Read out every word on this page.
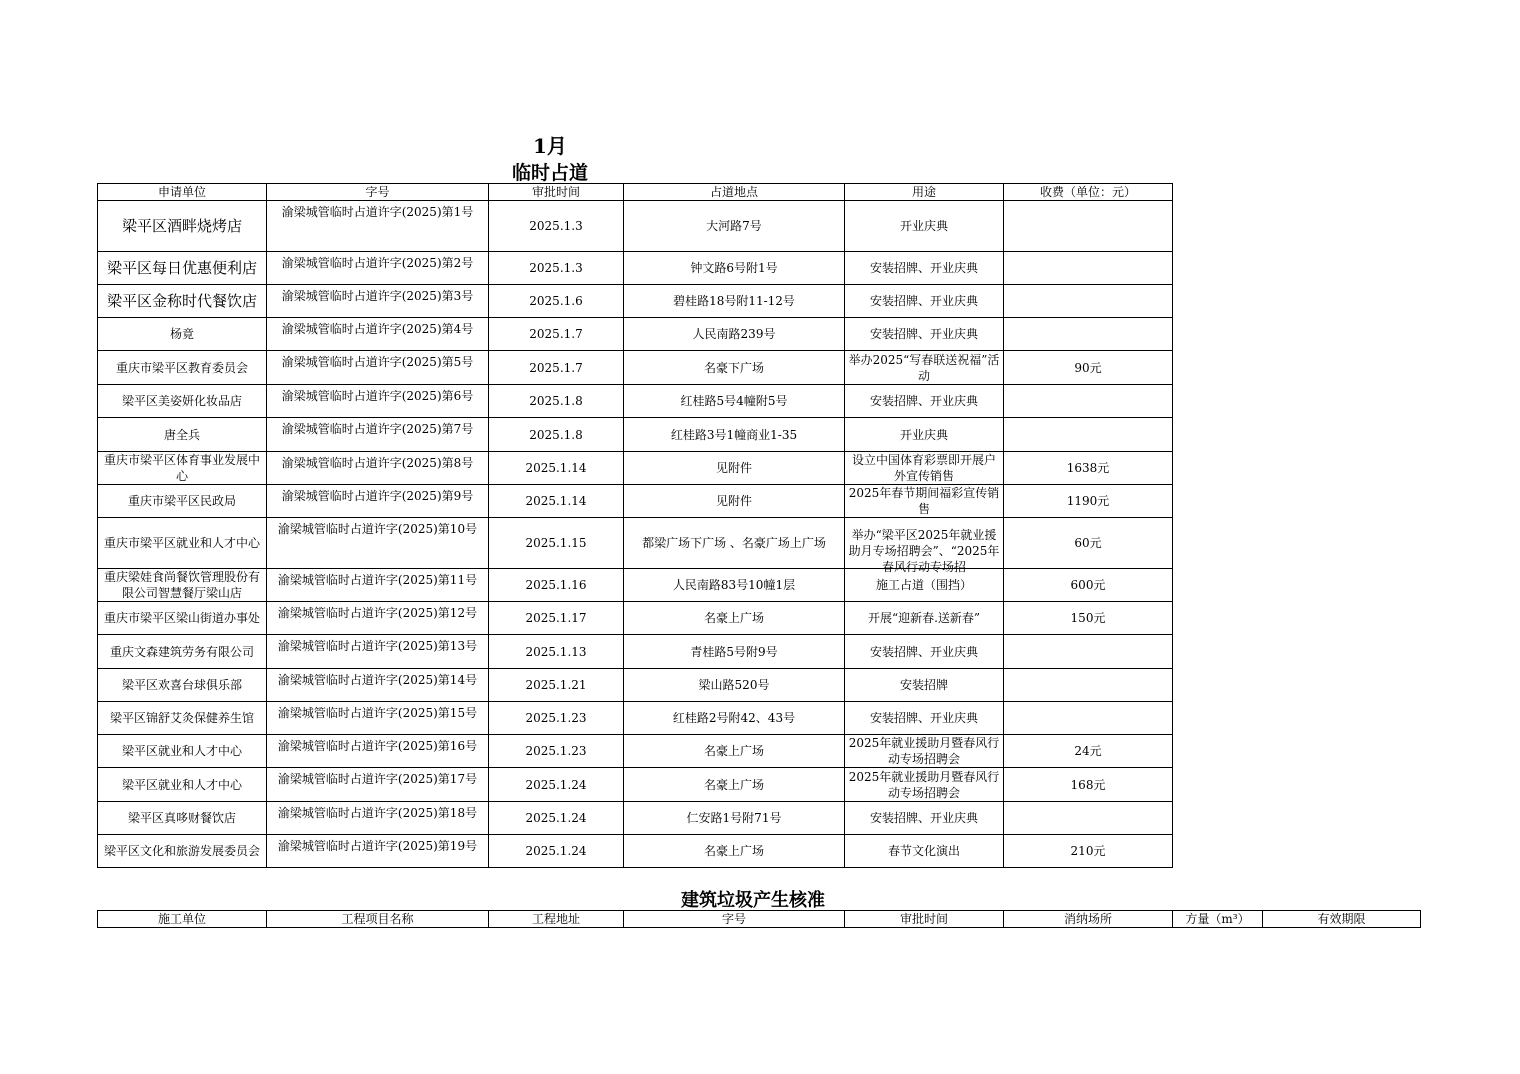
1月
临时占道
申请单位	字号	审批时间	占道地点	用途	收费（单位：元）

梁平区酒畔烧烤店	渝梁城管临时占道许字(2025)第1号	2025.1.3	大河路7号	开业庆典	

梁平区每日优惠便利店	渝梁城管临时占道许字(2025)第2号	2025.1.3	钟文路6号附1号	安装招牌、开业庆典	

梁平区金称时代餐饮店	渝梁城管临时占道许字(2025)第3号	2025.1.6	碧桂路18号附11-12号	安装招牌、开业庆典	

杨竟	渝梁城管临时占道许字(2025)第4号	2025.1.7	人民南路239号	安装招牌、开业庆典	

重庆市梁平区教育委员会	渝梁城管临时占道许字(2025)第5号	2025.1.7	名豪下广场	举办2025“写春联送祝福”活动	90元

梁平区美姿妍化妆品店	渝梁城管临时占道许字(2025)第6号	2025.1.8	红桂路5号4幢附5号	安装招牌、开业庆典	

唐全兵	渝梁城管临时占道许字(2025)第7号	2025.1.8	红桂路3号1幢商业1-35	开业庆典	

重庆市梁平区体育事业发展中心	渝梁城管临时占道许字(2025)第8号	2025.1.14	见附件	设立中国体育彩票即开展户外宣传销售	1638元

重庆市梁平区民政局	渝梁城管临时占道许字(2025)第9号	2025.1.14	见附件	2025年春节期间福彩宣传销售	1190元

重庆市梁平区就业和人才中心	渝梁城管临时占道许字(2025)第10号	2025.1.15	都梁广场下广场 、名豪广场上广场	举办“梁平区2025年就业援助月专场招聘会”、“2025年春风行动专场招	60元

重庆梁娃食尚餐饮管理股份有限公司智慧餐厅梁山店	渝梁城管临时占道许字(2025)第11号	2025.1.16	人民南路83号10幢1层	施工占道（围挡）	600元

重庆市梁平区梁山街道办事处	渝梁城管临时占道许字(2025)第12号	2025.1.17	名豪上广场	开展“迎新春.送新春”	150元

重庆文森建筑劳务有限公司	渝梁城管临时占道许字(2025)第13号	2025.1.13	青桂路5号附9号	安装招牌、开业庆典	

梁平区欢喜台球俱乐部	渝梁城管临时占道许字(2025)第14号	2025.1.21	梁山路520号	安装招牌	

梁平区锦舒艾灸保健养生馆	渝梁城管临时占道许字(2025)第15号	2025.1.23	红桂路2号附42、43号	安装招牌、开业庆典	

梁平区就业和人才中心	渝梁城管临时占道许字(2025)第16号	2025.1.23	名豪上广场	2025年就业援助月暨春风行动专场招聘会	24元

梁平区就业和人才中心	渝梁城管临时占道许字(2025)第17号	2025.1.24	名豪上广场	2025年就业援助月暨春风行动专场招聘会	168元

梁平区真哆财餐饮店	渝梁城管临时占道许字(2025)第18号	2025.1.24	仁安路1号附71号	安装招牌、开业庆典	

梁平区文化和旅游发展委员会	渝梁城管临时占道许字(2025)第19号	2025.1.24	名豪上广场	春节文化演出	210元
建筑垃圾产生核准
施工单位	工程项目名称	工程地址	字号	审批时间	消纳场所	方量（m³）	有效期限
